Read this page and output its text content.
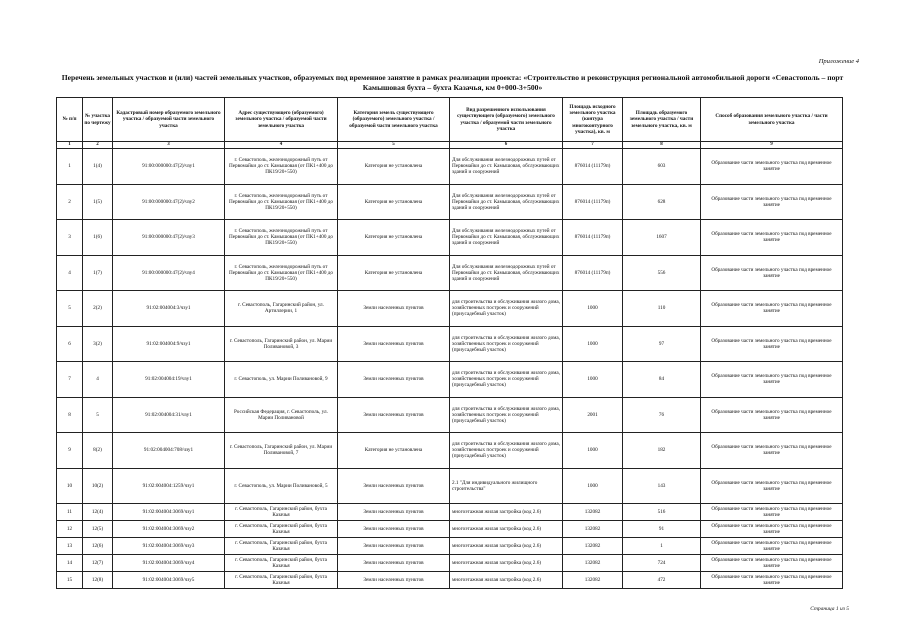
Приложение 4
Перечень земельных участков и (или) частей земельных участков, образуемых под временное занятие в рамках реализации проекта: «Строительство и реконструкция региональной автомобильной дороги «Севастополь – порт Камышовая бухта – бухта Казачья, км 0+000-3+500»
№ п/п	№ участка по чертежу	Кадастровый номер образуемого земельного участка / образуемой части земельного участка	Адрес существующего (образуемого) земельного участка / образуемой части земельного участка	Категория земель существующего (образуемого) земельного участка / образуемой части земельного участка	Вид разрешенного использования существующего (образуемого) земельного участка / образуемой части земельного участка	Площадь исходного земельного участка (контура многоконтурного участка), кв. м	Площадь образуемого земельного участка / части земельного участка, кв. м	Способ образования земельного участка / части земельного участка
1	2	3	4	5	6	7	8	9
1	1(4)	91:00:000000:47(2)/чзу1	г. Севастополь, железнодорожный путь от Первомайки до ст. Камышовая (от ПК1+400 до ПК19/20+550)	Категория не установлена	Для обслуживания железнодорожных путей от Первомайки до ст. Камышовая, обслуживающих зданий и сооружений	876014 (11179п)	603	Образование части земельного участка под временное занятие
2	1(5)	91:00:000000:47(2)/чзу2	г. Севастополь, железнодорожный путь от Первомайки до ст. Камышовая (от ПК1+400 до ПК19/20+550)	Категория не установлена	Для обслуживания железнодорожных путей от Первомайки до ст. Камышовая, обслуживающих зданий и сооружений	876014 (11179п)	628	Образование части земельного участка под временное занятие
3	1(6)	91:00:000000:47(2)/чзу3	г. Севастополь, железнодорожный путь от Первомайки до ст. Камышовая (от ПК1+400 до ПК19/20+550)	Категория не установлена	Для обслуживания железнодорожных путей от Первомайки до ст. Камышовая, обслуживающих зданий и сооружений	876014 (11179п)	1607	Образование части земельного участка под временное занятие
4	1(7)	91:00:000000:47(2)/чзу4	г. Севастополь, железнодорожный путь от Первомайки до ст. Камышовая (от ПК1+400 до ПК19/20+550)	Категория не установлена	Для обслуживания железнодорожных путей от Первомайки до ст. Камышовая, обслуживающих зданий и сооружений	876014 (11179п)	556	Образование части земельного участка под временное занятие
5	2(2)	91:02:004004:3/чзу1	г. Севастополь, Гагаринский район, ул. Артиллерии, 1	Земли населенных пунктов	для строительства и обслуживания жилого дома, хозяйственных построек и сооружений (приусадебный участок)	1000	110	Образование части земельного участка под временное занятие
6	3(2)	91:02:004004:9/чзу1	г. Севастополь, Гагаринский район, ул. Марии Поливановой, 3	Земли населенных пунктов	для строительства и обслуживания жилого дома, хозяйственных построек и сооружений (приусадебный участок)	1000	97	Образование части земельного участка под временное занятие
7	4	91:02:004004:19/чзу1	г. Севастополь, ул. Марии Поливановой, 9	Земли населенных пунктов	для строительства и обслуживания жилого дома, хозяйственных построек и сооружений (приусадебный участок)	1000	84	Образование части земельного участка под временное занятие
8	5	91:02:004004:31/чзу1	Российская Федерация, г. Севастополь, ул. Марии Поливановой	Земли населенных пунктов	для строительства и обслуживания жилого дома, хозяйственных построек и сооружений (приусадебный участок)	2001	76	Образование части земельного участка под временное занятие
9	8(2)	91:02:004004:708/чзу1	г. Севастополь, Гагаринский район, ул. Марии Поливановой, 7	Категория не установлена	для строительства и обслуживания жилого дома, хозяйственных построек и сооружений (приусадебный участок)	1000	182	Образование части земельного участка под временное занятие
10	10(2)	91:02:004004:1259/чзу1	г. Севастополь, ул. Марии Поливановой, 5	Земли населенных пунктов	2.1 "Для индивидуального жилищного строительства"	1000	143	Образование части земельного участка под временное занятие
11	12(4)	91:02:004004:3069/чзу1	г. Севастополь, Гагаринский район, бухта Казачья	Земли населенных пунктов	многоэтажная жилая застройка (код 2.6)	132082	516	Образование части земельного участка под временное занятие
12	12(5)	91:02:004004:3069/чзу2	г. Севастополь, Гагаринский район, бухта Казачья	Земли населенных пунктов	многоэтажная жилая застройка (код 2.6)	132082	91	Образование части земельного участка под временное занятие
13	12(6)	91:02:004004:3069/чзу3	г. Севастополь, Гагаринский район, бухта Казачья	Земли населенных пунктов	многоэтажная жилая застройка (код 2.6)	132082	1	Образование части земельного участка под временное занятие
14	12(7)	91:02:004004:3069/чзу4	г. Севастополь, Гагаринский район, бухта Казачья	Земли населенных пунктов	многоэтажная жилая застройка (код 2.6)	132082	724	Образование части земельного участка под временное занятие
15	12(8)	91:02:004004:3069/чзу5	г. Севастополь, Гагаринский район, бухта Казачья	Земли населенных пунктов	многоэтажная жилая застройка (код 2.6)	132082	472	Образование части земельного участка под временное занятие
Страница 1 из 5
